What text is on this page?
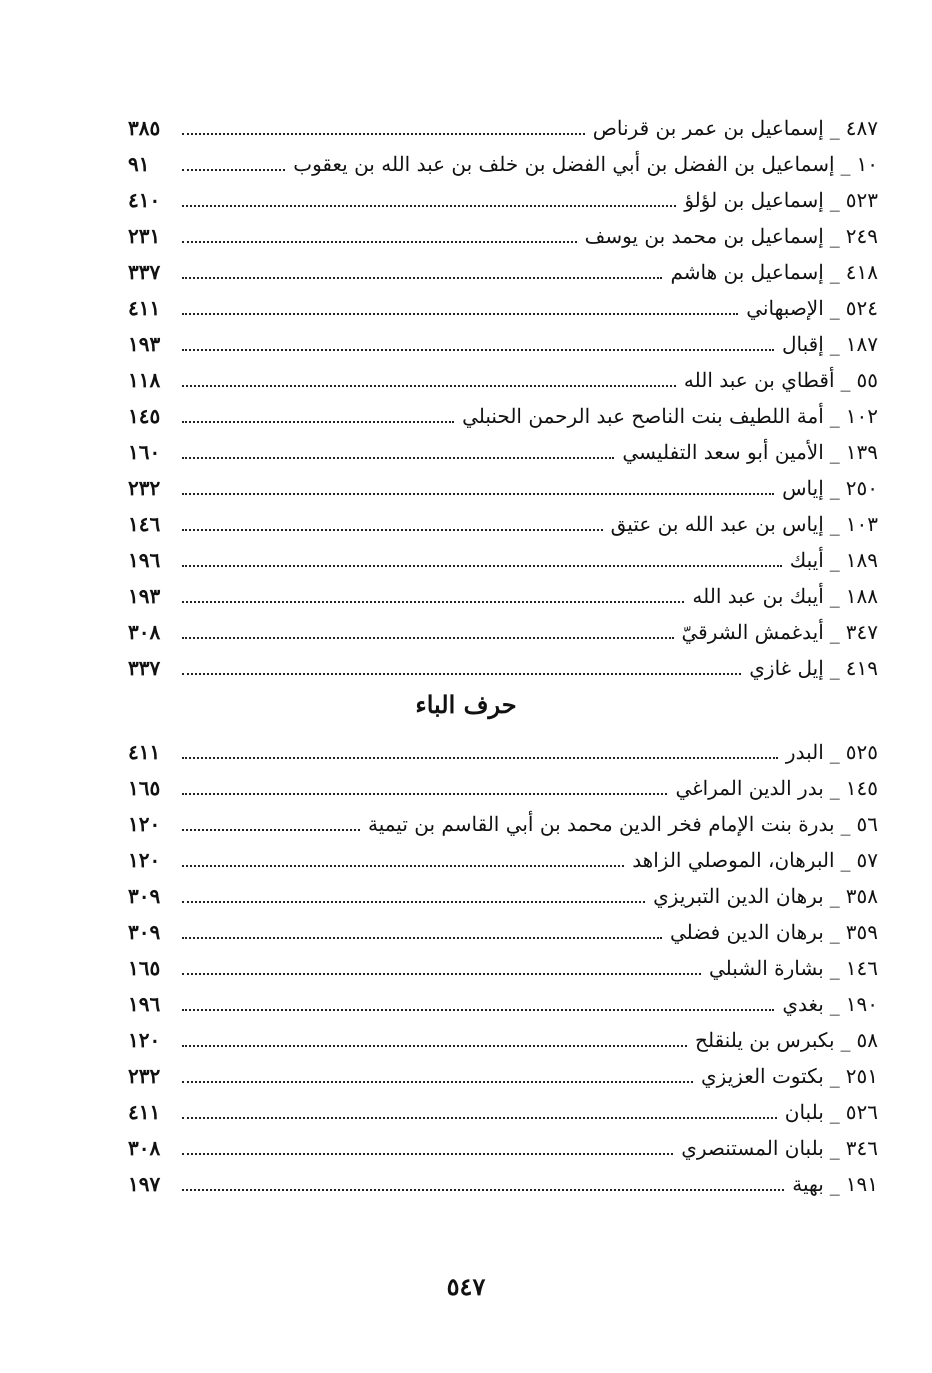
٤٨٧
_
إسماعيل بن عمر بن قرناص
٣٨٥
١٠
_
إسماعيل بن الفضل بن أبي الفضل بن خلف بن عبد الله بن يعقوب
٩١
٥٢٣
_
إسماعيل بن لؤلؤ
٤١٠
٢٤٩
_
إسماعيل بن محمد بن يوسف
٢٣١
٤١٨
_
إسماعيل بن هاشم
٣٣٧
٥٢٤
_
الإصبهاني
٤١١
١٨٧
_
إقبال
١٩٣
٥٥
_
أقطاي بن عبد الله
١١٨
١٠٢
_
أمة اللطيف بنت الناصح عبد الرحمن الحنبلي
١٤٥
١٣٩
_
الأمين أبو سعد التفليسي
١٦٠
٢٥٠
_
إياس
٢٣٢
١٠٣
_
إياس بن عبد الله بن عتيق
١٤٦
١٨٩
_
أيبك
١٩٦
١٨٨
_
أيبك بن عبد الله
١٩٣
٣٤٧
_
أيدغمش الشرقيّ
٣٠٨
٤١٩
_
إيل غازي
٣٣٧
حرف الباء
٥٢٥
_
البدر
٤١١
١٤٥
_
بدر الدين المراغي
١٦٥
٥٦
_
بدرة بنت الإمام فخر الدين محمد بن أبي القاسم بن تيمية
١٢٠
٥٧
_
البرهان، الموصلي الزاهد
١٢٠
٣٥٨
_
برهان الدين التبريزي
٣٠٩
٣٥٩
_
برهان الدين فضلي
٣٠٩
١٤٦
_
بشارة الشبلي
١٦٥
١٩٠
_
بغدي
١٩٦
٥٨
_
بكبرس بن يلنقلح
١٢٠
٢٥١
_
بكتوت العزيزي
٢٣٢
٥٢٦
_
بلبان
٤١١
٣٤٦
_
بلبان المستنصري
٣٠٨
١٩١
_
بهية
١٩٧
٥٤٧
